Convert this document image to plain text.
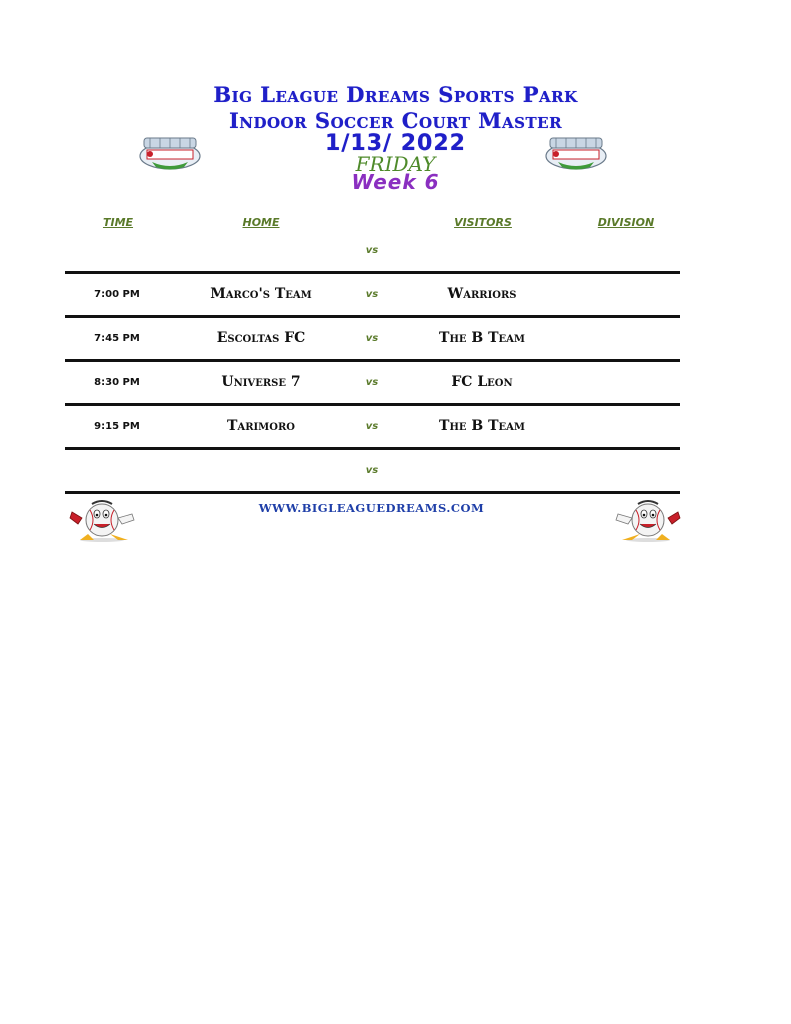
Big League Dreams Sports Park
Indoor Soccer Court Master
1/13/ 2022
FRIDAY
Week 6
TIME	HOME	VISITORS	DIVISION
vs
7:00 PM	Marco's Team	vs	Warriors
7:45 PM	Escoltas FC	vs	The B Team
8:30 PM	Universe 7	vs	FC Leon
9:15 PM	Tarimoro	vs	The B Team
vs
WWW.BIGLEAGUEDREAMS.COM
